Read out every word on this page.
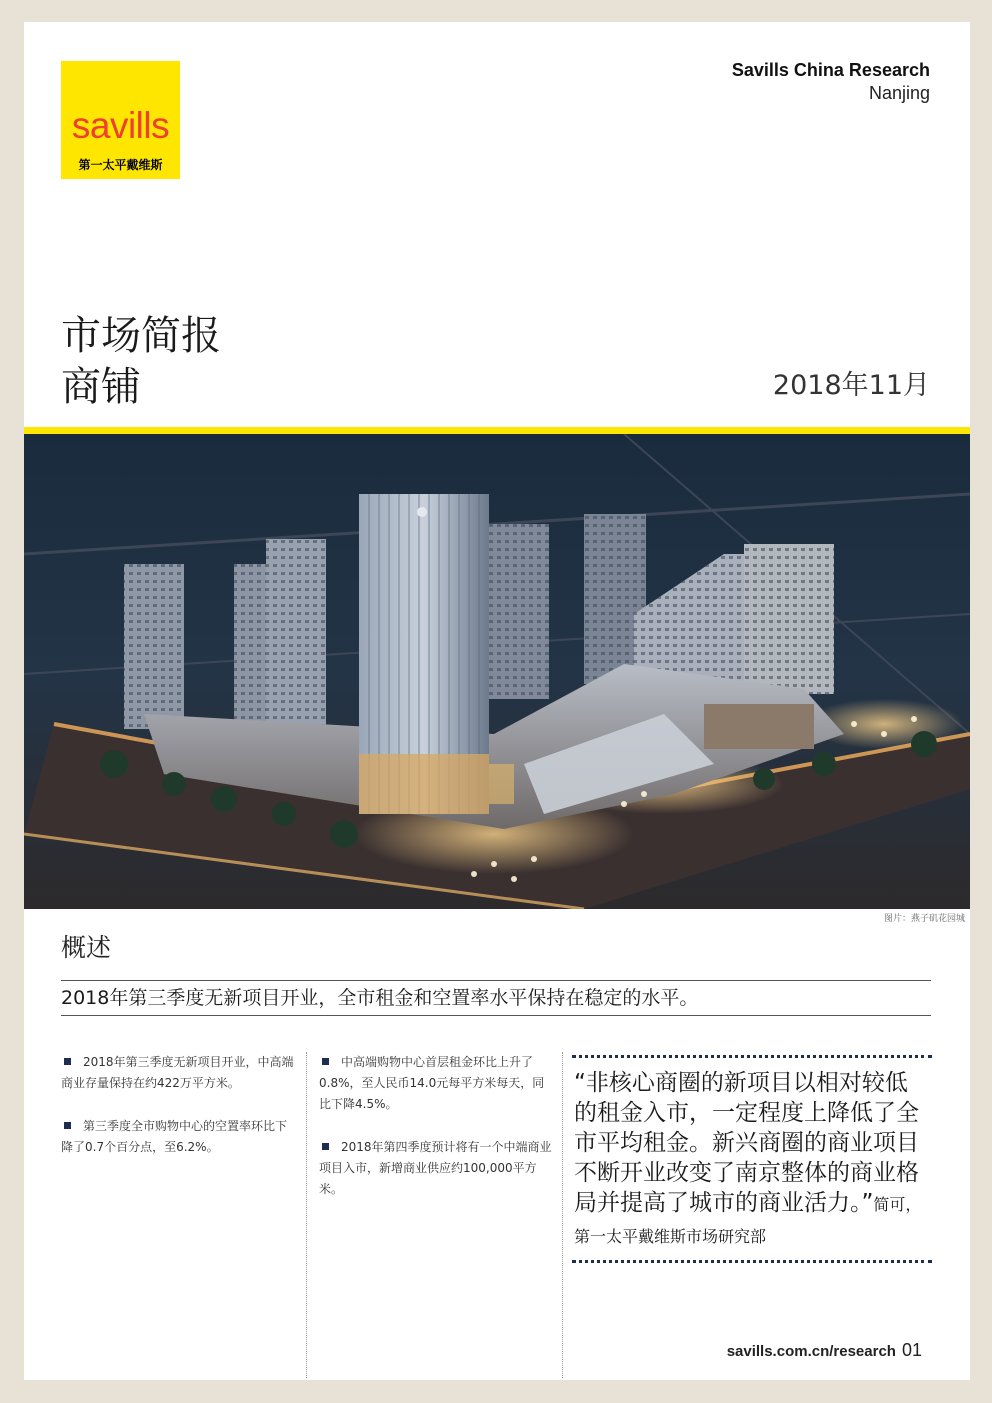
savills
第一太平戴维斯
Savills China Research
Nanjing
市场简报
商铺	2018年11月
图片：燕子矶花园城
概述
2018年第三季度无新项目开业，全市租金和空置率水平保持在稳定的水平。
2018年第三季度无新项目开业，中高端商业存量保持在约422万平方米。
第三季度全市购物中心的空置率环比下降了0.7个百分点，至6.2%。
中高端购物中心首层租金环比上升了0.8%，至人民币14.0元每平方米每天，同比下降4.5%。
2018年第四季度预计将有一个中端商业项目入市，新增商业供应约100,000平方米。
“非核心商圈的新项目以相对较低的租金入市，一定程度上降低了全市平均租金。新兴商圈的商业项目不断开业改变了南京整体的商业格局并提高了城市的商业活力。”简可，第一太平戴维斯市场研究部
savills.com.cn/research 01
